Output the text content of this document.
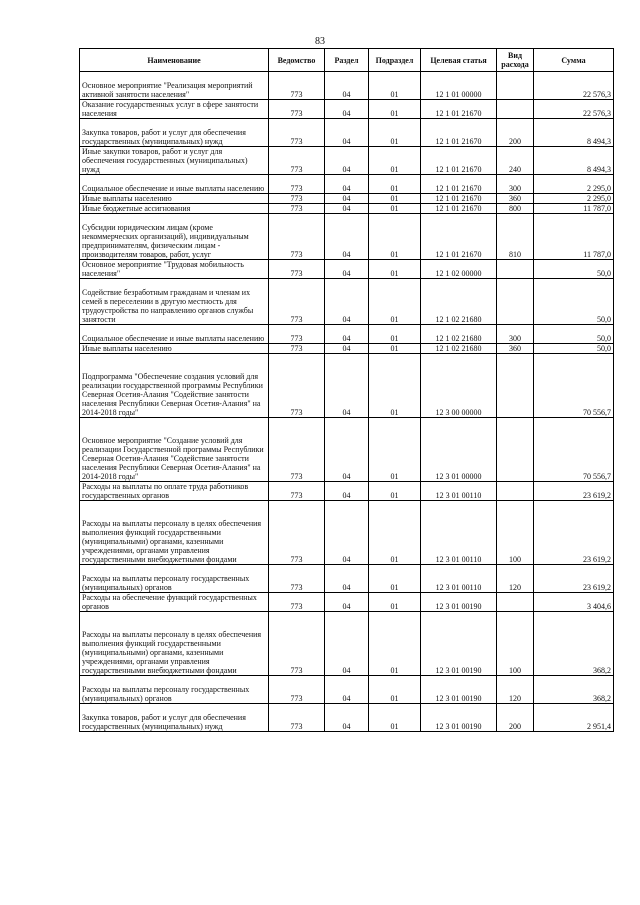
83
Наименование	Ведомство	Раздел	Подраздел	Целевая статья	Вид расхода	Сумма
Основное мероприятие "Реализация мероприятий активной занятости населения"	773	04	01	12 1 01 00000		22 576,3
Оказание государственных услуг в сфере занятости населения	773	04	01	12 1 01 21670		22 576,3
Закупка товаров, работ и услуг для обеспечения государственных (муниципальных) нужд	773	04	01	12 1 01 21670	200	8 494,3
Иные закупки товаров, работ и услуг для обеспечения государственных (муниципальных) нужд	773	04	01	12 1 01 21670	240	8 494,3
Социальное обеспечение и иные выплаты населению	773	04	01	12 1 01 21670	300	2 295,0
Иные выплаты населению	773	04	01	12 1 01 21670	360	2 295,0
Иные бюджетные ассигнования	773	04	01	12 1 01 21670	800	11 787,0
Субсидии юридическим лицам (кроме некоммерческих организаций), индивидуальным предпринимателям, физическим лицам - производителям товаров, работ, услуг	773	04	01	12 1 01 21670	810	11 787,0
Основное мероприятие "Трудовая мобильность населения"	773	04	01	12 1 02 00000		50,0
Содействие безработным гражданам и членам их семей в переселении в другую местность для трудоустройства по направлению органов службы занятости	773	04	01	12 1 02 21680		50,0
Социальное обеспечение и иные выплаты населению	773	04	01	12 1 02 21680	300	50,0
Иные выплаты населению	773	04	01	12 1 02 21680	360	50,0
Подпрограмма "Обеспечение создания условий для реализации государственной программы Республики Северная Осетия-Алания "Содействие занятости населения Республики Северная Осетия-Алания" на 2014-2018 годы"	773	04	01	12 3 00 00000		70 556,7
Основное мероприятие "Создание условий для реализации Государственной программы Республики Северная Осетия-Алания "Содействие занятости населения Республики Северная Осетия-Алания" на 2014-2018 годы"	773	04	01	12 3 01 00000		70 556,7
Расходы на выплаты по оплате труда работников государственных органов	773	04	01	12 3 01 00110		23 619,2
Расходы на выплаты персоналу в целях обеспечения выполнения функций государственными (муниципальными) органами, казенными учреждениями, органами управления государственными внебюджетными фондами	773	04	01	12 3 01 00110	100	23 619,2
Расходы на выплаты персоналу государственных (муниципальных) органов	773	04	01	12 3 01 00110	120	23 619,2
Расходы на обеспечение функций государственных органов	773	04	01	12 3 01 00190		3 404,6
Расходы на выплаты персоналу в целях обеспечения выполнения функций государственными (муниципальными) органами, казенными учреждениями, органами управления государственными внебюджетными фондами	773	04	01	12 3 01 00190	100	368,2
Расходы на выплаты персоналу государственных (муниципальных) органов	773	04	01	12 3 01 00190	120	368,2
Закупка товаров, работ и услуг для обеспечения государственных (муниципальных) нужд	773	04	01	12 3 01 00190	200	2 951,4
